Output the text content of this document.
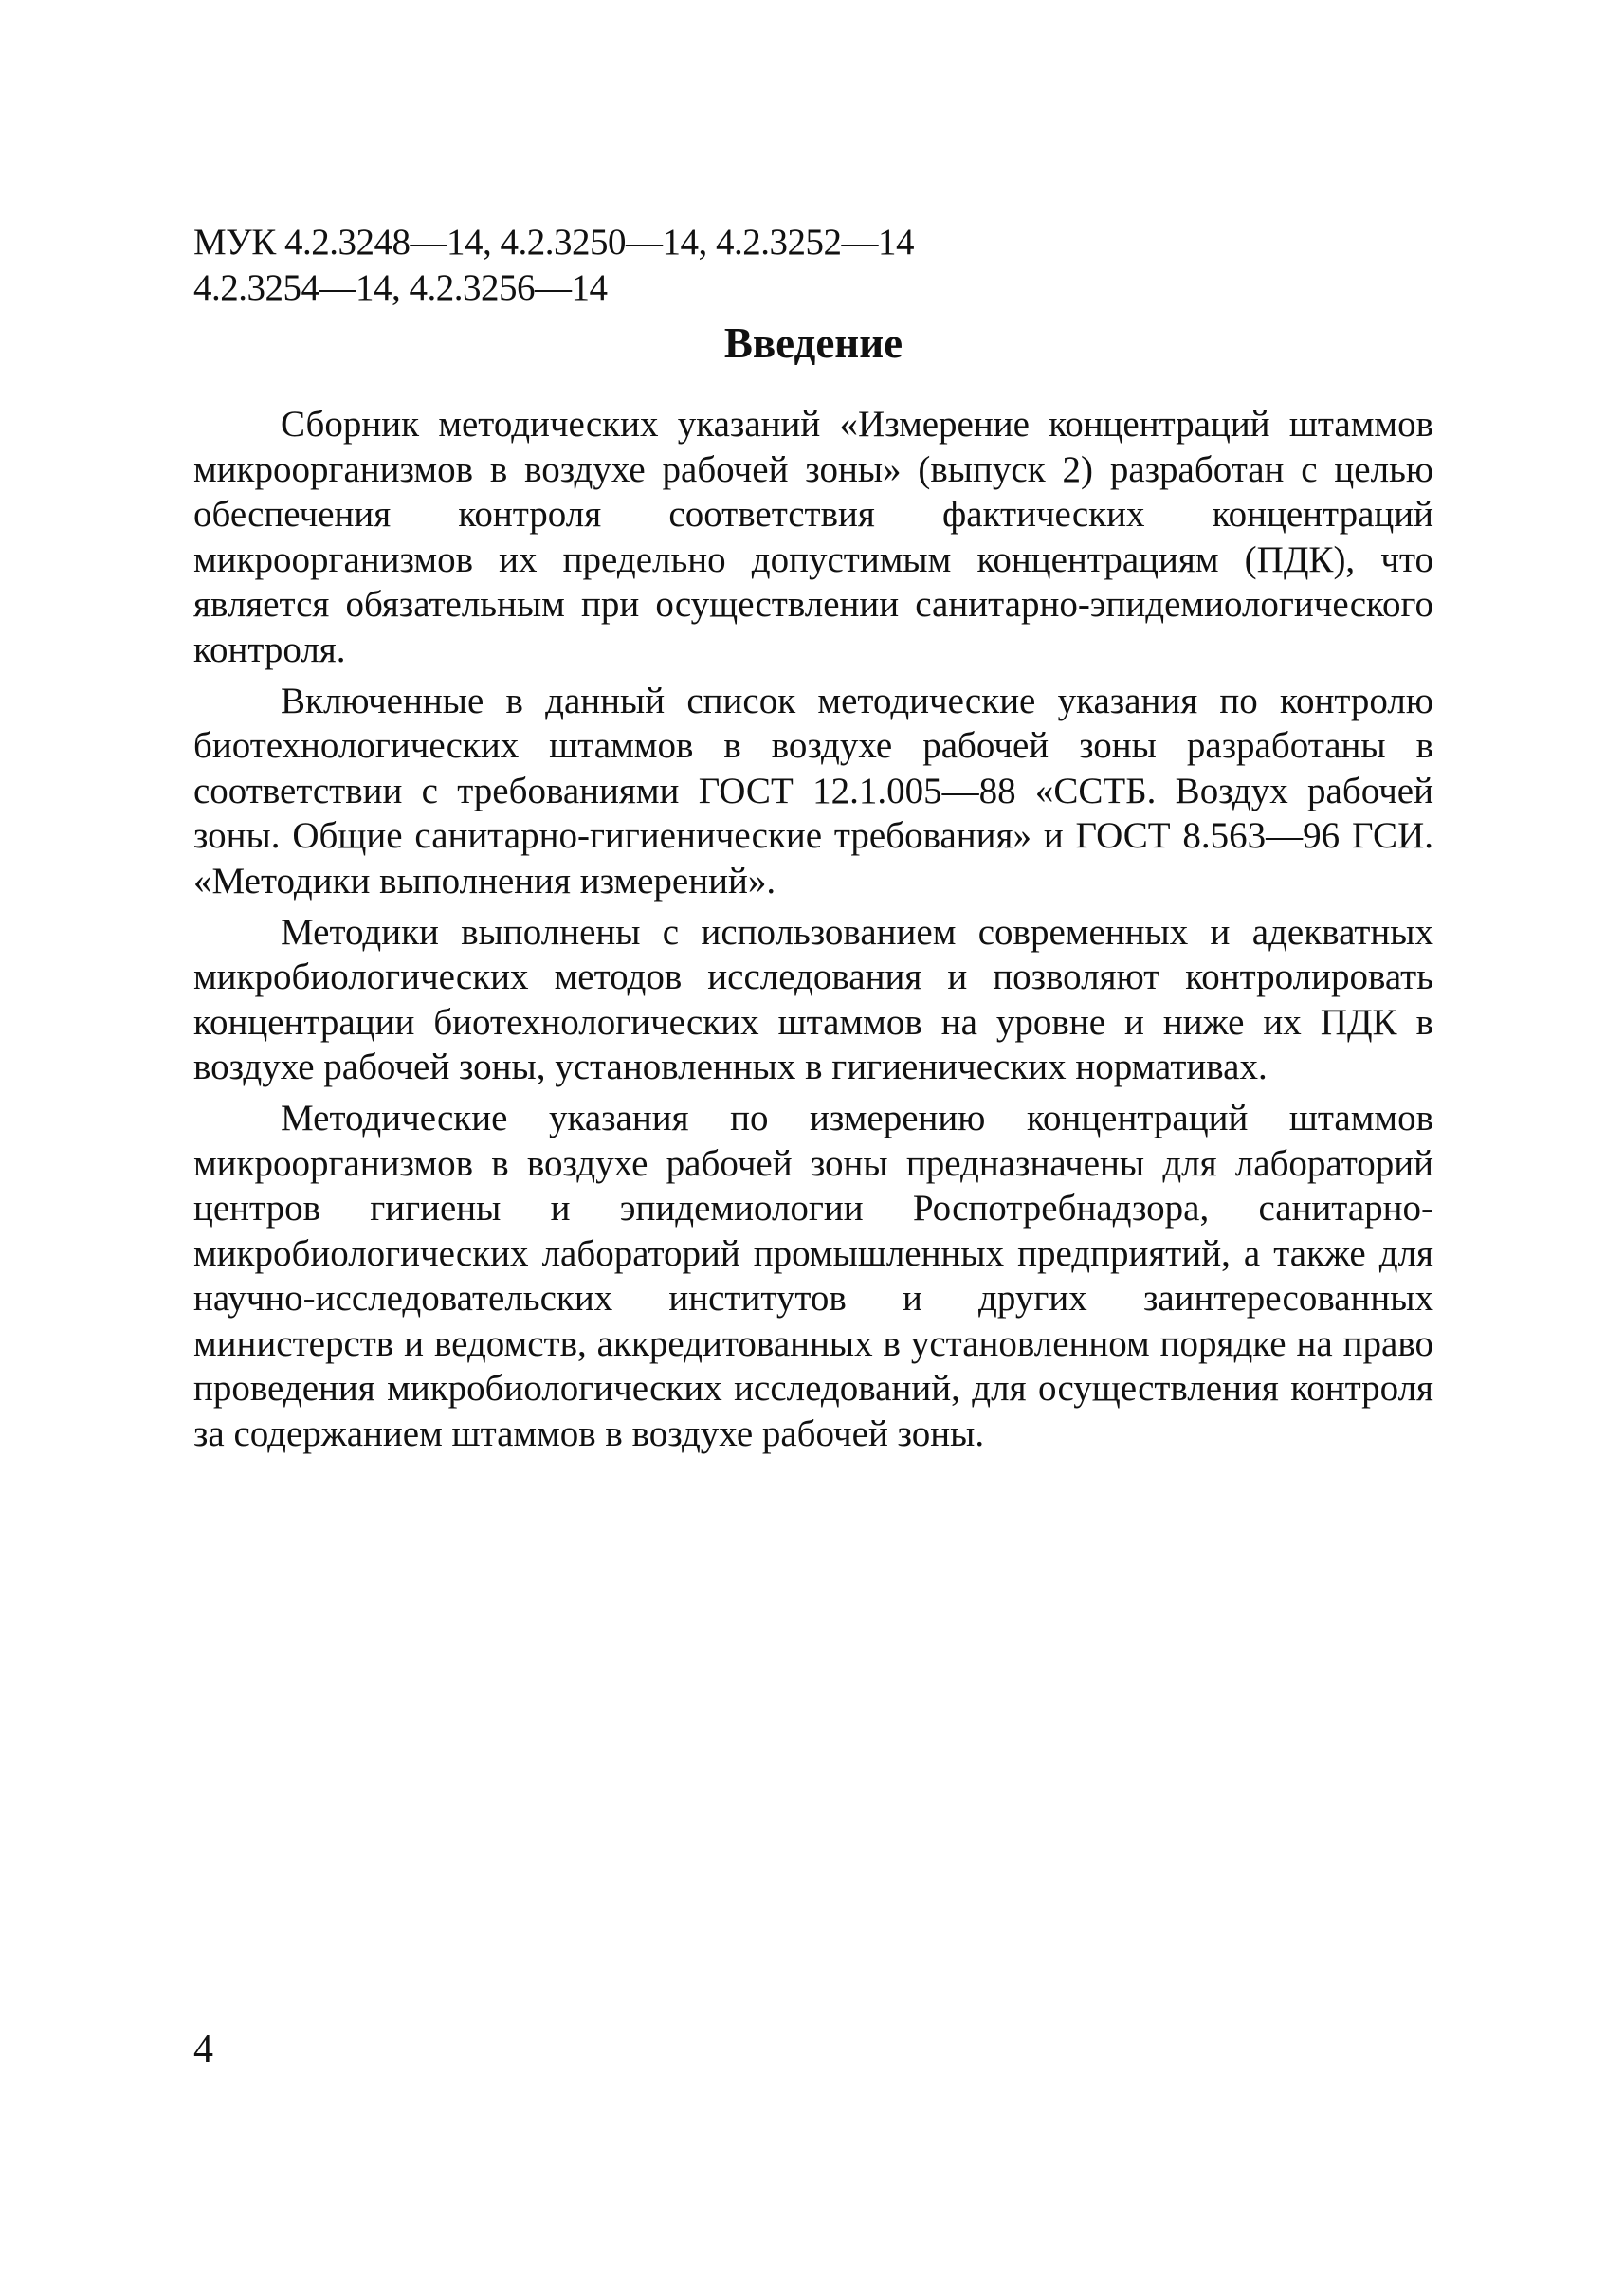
МУК 4.2.3248—14, 4.2.3250—14, 4.2.3252—14
4.2.3254—14, 4.2.3256—14
Введение

Сборник методических указаний «Измерение концентраций штаммов микроорганизмов в воздухе рабочей зоны» (выпуск 2) разработан с целью обеспечения контроля соответствия фактических концентраций микроорганизмов их предельно допустимым концентрациям (ПДК), что является обязательным при осуществлении санитарно-эпидемиологического контроля.

Включенные в данный список методические указания по контролю биотехнологических штаммов в воздухе рабочей зоны разработаны в соответствии с требованиями ГОСТ 12.1.005—88 «ССТБ. Воздух рабочей зоны. Общие санитарно-гигиенические требования» и ГОСТ 8.563—96 ГСИ. «Методики выполнения измерений».

Методики выполнены с использованием современных и адекватных микробиологических методов исследования и позволяют контролировать концентрации биотехнологических штаммов на уровне и ниже их ПДК в воздухе рабочей зоны, установленных в гигиенических нормативах.

Методические указания по измерению концентраций штаммов микроорганизмов в воздухе рабочей зоны предназначены для лабораторий центров гигиены и эпидемиологии Роспотребнадзора, санитарно-микробиологических лабораторий промышленных предприятий, а также для научно-исследовательских институтов и других заинтересованных министерств и ведомств, аккредитованных в установленном порядке на право проведения микробиологических исследований, для осуществления контроля за содержанием штаммов в воздухе рабочей зоны.

4
